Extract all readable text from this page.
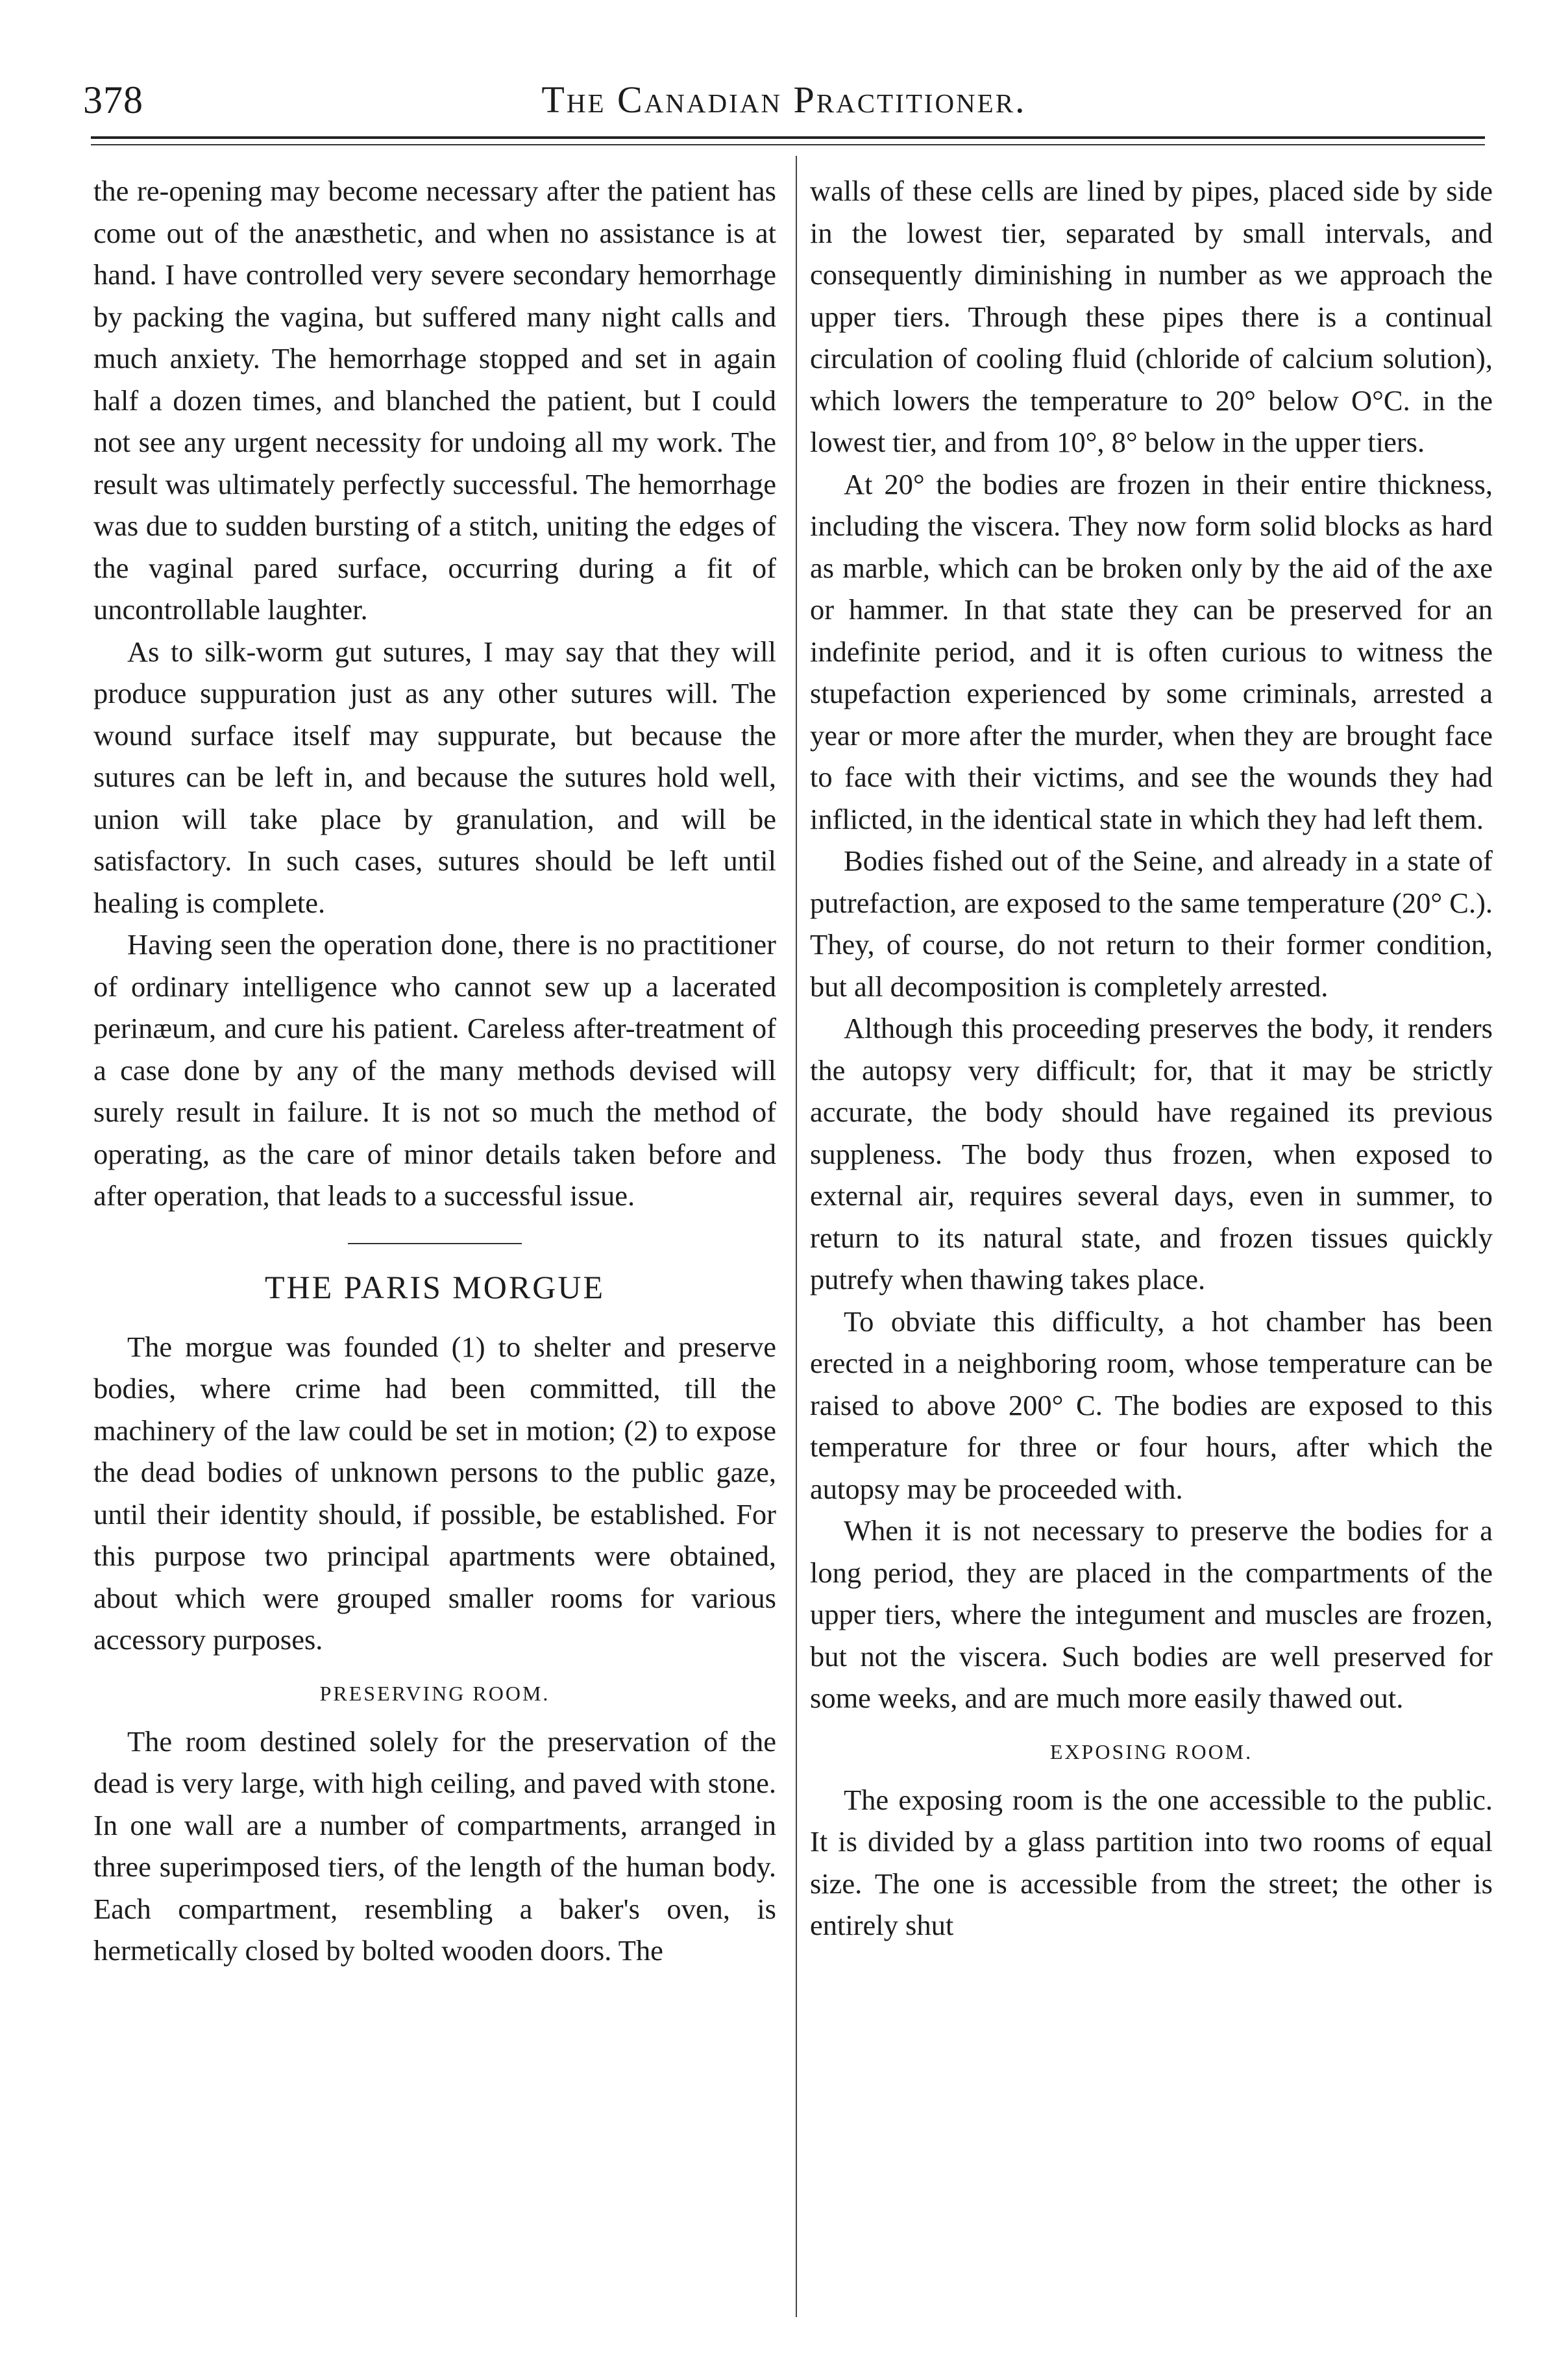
378	The Canadian Practitioner.

the re-opening may become necessary after the patient has come out of the anæsthetic, and when no assistance is at hand. I have controlled very severe secondary hemorrhage by packing the vagina, but suffered many night calls and much anxiety. The hemorrhage stopped and set in again half a dozen times, and blanched the patient, but I could not see any urgent necessity for undoing all my work. The result was ultimately perfectly successful. The hemorrhage was due to sudden bursting of a stitch, uniting the edges of the vaginal pared surface, occurring during a fit of uncontrollable laughter.

As to silk-worm gut sutures, I may say that they will produce suppuration just as any other sutures will. The wound surface itself may suppurate, but because the sutures can be left in, and because the sutures hold well, union will take place by granulation, and will be satisfactory. In such cases, sutures should be left until healing is complete.

Having seen the operation done, there is no practitioner of ordinary intelligence who cannot sew up a lacerated perinæum, and cure his patient. Careless after-treatment of a case done by any of the many methods devised will surely result in failure. It is not so much the method of operating, as the care of minor details taken before and after operation, that leads to a successful issue.

THE PARIS MORGUE

The morgue was founded (1) to shelter and preserve bodies, where crime had been committed, till the machinery of the law could be set in motion; (2) to expose the dead bodies of unknown persons to the public gaze, until their identity should, if possible, be established. For this purpose two principal apartments were obtained, about which were grouped smaller rooms for various accessory purposes.

PRESERVING ROOM.

The room destined solely for the preservation of the dead is very large, with high ceiling, and paved with stone. In one wall are a number of compartments, arranged in three superimposed tiers, of the length of the human body. Each compartment, resembling a baker's oven, is hermetically closed by bolted wooden doors. The

walls of these cells are lined by pipes, placed side by side in the lowest tier, separated by small intervals, and consequently diminishing in number as we approach the upper tiers. Through these pipes there is a continual circulation of cooling fluid (chloride of calcium solution), which lowers the temperature to 20° below O°C. in the lowest tier, and from 10°, 8° below in the upper tiers.

At 20° the bodies are frozen in their entire thickness, including the viscera. They now form solid blocks as hard as marble, which can be broken only by the aid of the axe or hammer. In that state they can be preserved for an indefinite period, and it is often curious to witness the stupefaction experienced by some criminals, arrested a year or more after the murder, when they are brought face to face with their victims, and see the wounds they had inflicted, in the identical state in which they had left them.

Bodies fished out of the Seine, and already in a state of putrefaction, are exposed to the same temperature (20° C.). They, of course, do not return to their former condition, but all decomposition is completely arrested.

Although this proceeding preserves the body, it renders the autopsy very difficult; for, that it may be strictly accurate, the body should have regained its previous suppleness. The body thus frozen, when exposed to external air, requires several days, even in summer, to return to its natural state, and frozen tissues quickly putrefy when thawing takes place.

To obviate this difficulty, a hot chamber has been erected in a neighboring room, whose temperature can be raised to above 200° C. The bodies are exposed to this temperature for three or four hours, after which the autopsy may be proceeded with.

When it is not necessary to preserve the bodies for a long period, they are placed in the compartments of the upper tiers, where the integument and muscles are frozen, but not the viscera. Such bodies are well preserved for some weeks, and are much more easily thawed out.

EXPOSING ROOM.

The exposing room is the one accessible to the public. It is divided by a glass partition into two rooms of equal size. The one is accessible from the street; the other is entirely shut
